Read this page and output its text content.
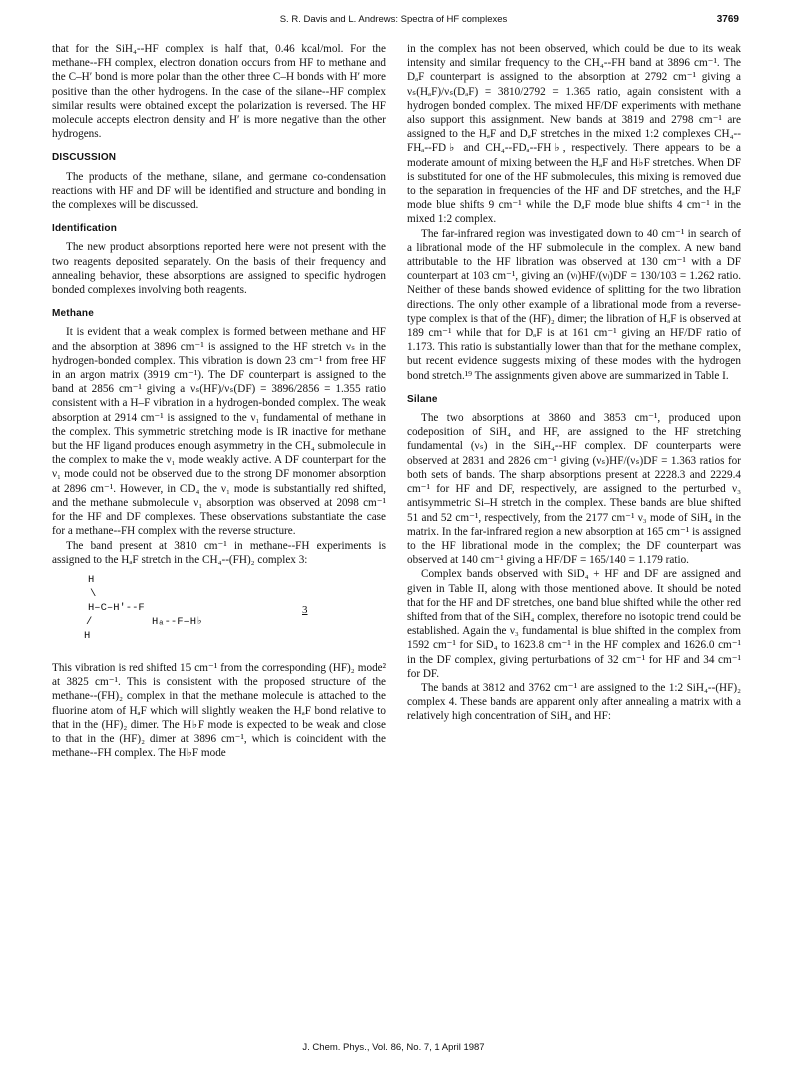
S. R. Davis and L. Andrews: Spectra of HF complexes	3769

that for the SiH₄--HF complex is half that, 0.46 kcal/mol. For the methane--FH complex, electron donation occurs from HF to methane and the C–H′ bond is more polar than the other three C–H bonds with H′ more positive than the other hydrogens. In the case of the silane--HF complex similar results were obtained except the polarization is reversed. The HF molecule accepts electron density and H′ is more negative than the other hydrogens.

DISCUSSION

The products of the methane, silane, and germane co-condensation reactions with HF and DF will be identified and structure and bonding in the complexes will be discussed.

Identification

The new product absorptions reported here were not present with the two reagents deposited separately. On the basis of their frequency and annealing behavior, these absorptions are assigned to specific hydrogen bonded complexes involving both reagents.

Methane

It is evident that a weak complex is formed between methane and HF and the absorption at 3896 cm⁻¹ is assigned to the HF stretch νₛ in the hydrogen-bonded complex. This vibration is down 23 cm⁻¹ from free HF in an argon matrix (3919 cm⁻¹). The DF counterpart is assigned to the band at 2856 cm⁻¹ giving a νₛ(HF)/νₛ(DF) = 3896/2856 = 1.355 ratio consistent with a H–F vibration in a hydrogen-bonded complex. The weak absorption at 2914 cm⁻¹ is assigned to the ν₁ fundamental of methane in the complex. This symmetric stretching mode is IR inactive for methane but the HF ligand produces enough asymmetry in the CH₄ submolecule in the complex to make the ν₁ mode weakly active. A DF counterpart for the ν₁ mode could not be observed due to the strong DF monomer absorption at 2896 cm⁻¹. However, in CD₄ the ν₁ mode is substantially red shifted, and the methane submolecule ν₁ absorption was observed at 2098 cm⁻¹ for the HF and DF complexes. These observations substantiate the case for a methane--FH complex with the reverse structure.

The band present at 3810 cm⁻¹ in methane--FH experiments is assigned to the HₐF stretch in the CH₄--(FH)₂ complex 3:

H
\
H–C–H′--F
/
H
Hₐ--F–H♭
3

This vibration is red shifted 15 cm⁻¹ from the corresponding (HF)₂ mode² at 3825 cm⁻¹. This is consistent with the proposed structure of the methane--(FH)₂ complex in that the methane molecule is attached to the fluorine atom of HₐF which will slightly weaken the HₐF bond relative to that in the (HF)₂ dimer. The H♭F mode is expected to be weak and close to that in the (HF)₂ dimer at 3896 cm⁻¹, which is coincident with the methane--FH complex. The H♭F mode

in the complex has not been observed, which could be due to its weak intensity and similar frequency to the CH₄--FH band at 3896 cm⁻¹. The DₐF counterpart is assigned to the absorption at 2792 cm⁻¹ giving a νₛ(HₐF)/νₛ(DₐF) = 3810/2792 = 1.365 ratio, again consistent with a hydrogen bonded complex. The mixed HF/DF experiments with methane also support this assignment. New bands at 3819 and 2798 cm⁻¹ are assigned to the HₐF and DₐF stretches in the mixed 1:2 complexes CH₄--FHₐ--FD♭ and CH₄--FDₐ--FH♭, respectively. There appears to be a moderate amount of mixing between the HₐF and H♭F stretches. When DF is substituted for one of the HF submolecules, this mixing is removed due to the separation in frequencies of the HF and DF stretches, and the HₐF mode blue shifts 9 cm⁻¹ while the DₐF mode blue shifts 4 cm⁻¹ in the mixed 1:2 complex.

The far-infrared region was investigated down to 40 cm⁻¹ in search of a librational mode of the HF submolecule in the complex. A new band attributable to the HF libration was observed at 130 cm⁻¹ with a DF counterpart at 103 cm⁻¹, giving an (νₗ)HF/(νₗ)DF = 130/103 = 1.262 ratio. Neither of these bands showed evidence of splitting for the two libration directions. The only other example of a librational mode from a reverse-type complex is that of the (HF)₂ dimer; the libration of HₐF is observed at 189 cm⁻¹ while that for DₐF is at 161 cm⁻¹ giving an HF/DF ratio of 1.173. This ratio is substantially lower than that for the methane complex, but recent evidence suggests mixing of these modes with the hydrogen bond stretch.¹⁹ The assignments given above are summarized in Table I.

Silane

The two absorptions at 3860 and 3853 cm⁻¹, produced upon codeposition of SiH₄ and HF, are assigned to the HF stretching fundamental (νₛ) in the SiH₄--HF complex. DF counterparts were observed at 2831 and 2826 cm⁻¹ giving (νₛ)HF/(νₛ)DF = 1.363 ratios for both sets of bands. The sharp absorptions present at 2228.3 and 2229.4 cm⁻¹ for HF and DF, respectively, are assigned to the perturbed ν₃ antisymmetric Si–H stretch in the complex. These bands are blue shifted 51 and 52 cm⁻¹, respectively, from the 2177 cm⁻¹ ν₃ mode of SiH₄ in the matrix. In the far-infrared region a new absorption at 165 cm⁻¹ is assigned to the HF librational mode in the complex; the DF counterpart was observed at 140 cm⁻¹ giving a HF/DF = 165/140 = 1.179 ratio.

Complex bands observed with SiD₄ + HF and DF are assigned and given in Table II, along with those mentioned above. It should be noted that for the HF and DF stretches, one band blue shifted while the other red shifted from that of the SiH₄ complex, therefore no isotopic trend could be established. Again the ν₃ fundamental is blue shifted in the complex from 1592 cm⁻¹ for SiD₄ to 1623.8 cm⁻¹ in the HF complex and 1626.0 cm⁻¹ in the DF complex, giving perturbations of 32 cm⁻¹ for HF and 34 cm⁻¹ for DF.

The bands at 3812 and 3762 cm⁻¹ are assigned to the 1:2 SiH₄--(HF)₂ complex 4. These bands are apparent only after annealing a matrix with a relatively high concentration of SiH₄ and HF:

J. Chem. Phys., Vol. 86, No. 7, 1 April 1987
